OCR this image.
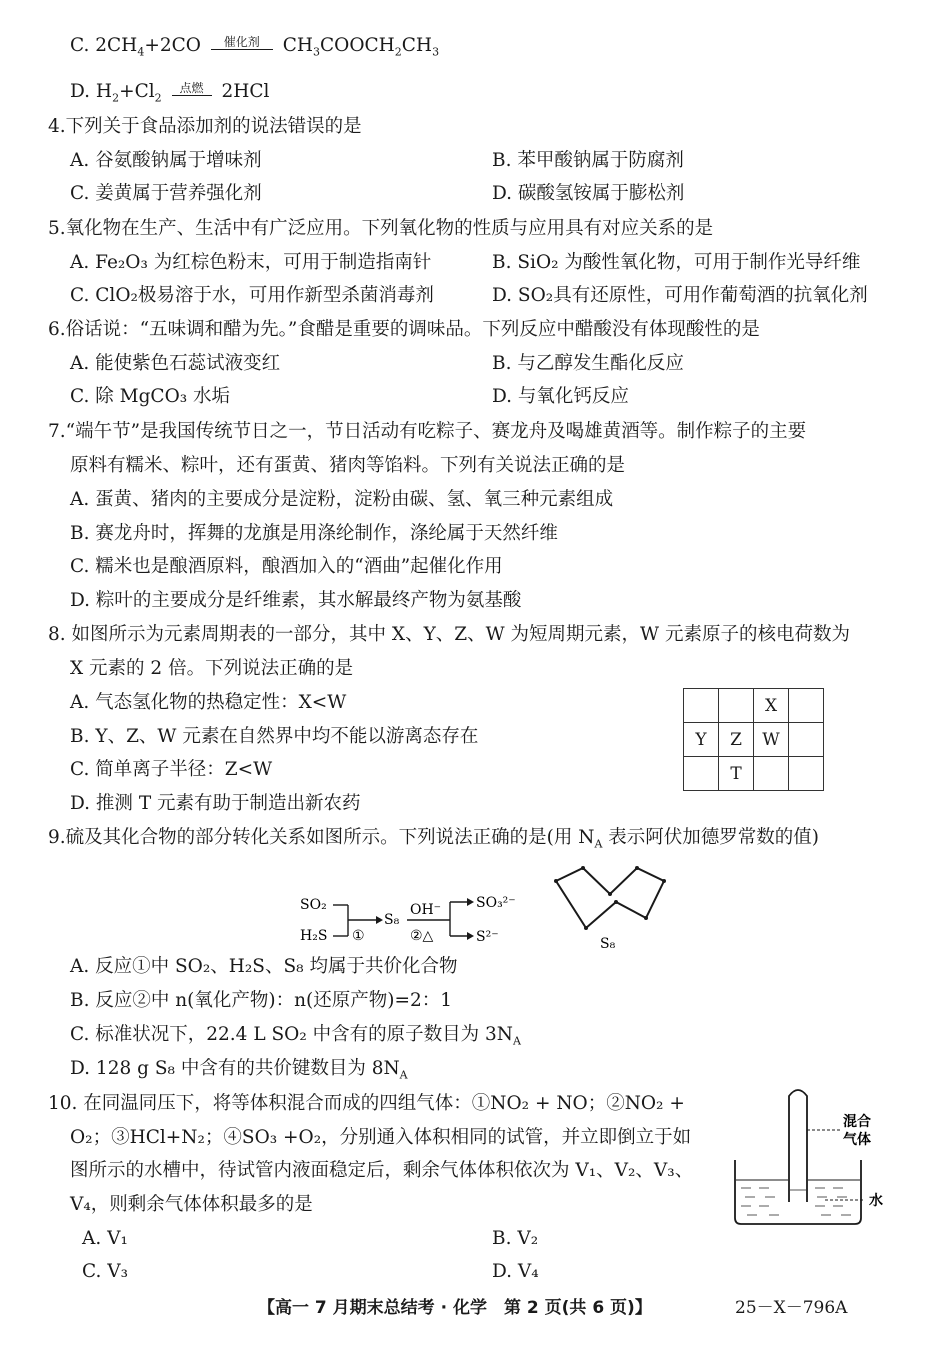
C. $2CH_4+2CO$	催化剂	$CH_3COOCH_2CH_3$
D. $H_2+Cl_2$
点燃 2HCl
4.下列关于食品添加剂的说法错误的是
A. 谷氨酸钠属于增味剂	B. 苯甲酸钠属于防腐剂
C. 姜黄属于营养强化剂	D. 碳酸氢铵属于膨松剂
5.氧化物在生产、生活中有广泛应用。下列氧化物的性质与应用具有对应关系的是
A. Fe₂O₃ 为红棕色粉末，可用于制造指南针	B. SiO₂ 为酸性氧化物，可用于制作光导纤维
C. ClO₂极易溶于水，可用作新型杀菌消毒剂	D. SO₂具有还原性，可用作葡萄酒的抗氧化剂
6.俗话说：“五味调和醋为先。”食醋是重要的调味品。下列反应中醋酸没有体现酸性的是
A. 能使紫色石蕊试液变红	B. 与乙醇发生酯化反应
C. 除 MgCO₃ 水垢	D. 与氧化钙反应
7.“端午节”是我国传统节日之一，节日活动有吃粽子、赛龙舟及喝雄黄酒等。制作粽子的主要
原料有糯米、粽叶，还有蛋黄、猪肉等馅料。下列有关说法正确的是
A. 蛋黄、猪肉的主要成分是淀粉，淀粉由碳、氢、氧三种元素组成
B. 赛龙舟时，挥舞的龙旗是用涤纶制作，涤纶属于天然纤维
C. 糯米也是酿酒原料，酿酒加入的“酒曲”起催化作用
D. 粽叶的主要成分是纤维素，其水解最终产物为氨基酸
8. 如图所示为元素周期表的一部分，其中 X、Y、Z、W 为短周期元素，W 元素原子的核电荷数为
X 元素的 2 倍。下列说法正确的是
A. 气态氢化物的热稳定性：X<W
B. Y、Z、W 元素在自然界中均不能以游离态存在
C. 简单离子半径：Z<W
D. 推测 T 元素有助于制造出新农药
		X	
Y	Z	W	
	T		
9.硫及其化合物的部分转化关系如图所示。下列说法正确的是(用 $N_A$ 表示阿伏加德罗常数的值)
SO₂
H₂S ①
S₈
OH⁻
②△
SO₃²⁻
S²⁻	S₈
A. 反应①中 SO₂、H₂S、S₈ 均属于共价化合物
B. 反应②中 n(氧化产物)：n(还原产物)=2：1
C. 标准状况下，22.4 L SO₂ 中含有的原子数目为 $3N_A$
D. 128 g S₈ 中含有的共价键数目为 $8N_A$
10. 在同温同压下，将等体积混合而成的四组气体：①NO₂ + NO；②NO₂ +
O₂；③HCl+N₂；④SO₃ +O₂，分别通入体积相同的试管，并立即倒立于如
图所示的水槽中，待试管内液面稳定后，剩余气体体积依次为 V₁、V₂、V₃、
V₄，则剩余气体体积最多的是
A. V₁	B. V₂
C. V₃	D. V₄
混合
气体
水
【高一 7 月期末总结考 · 化学　第 2 页(共 6 页)】	25－X－796A
